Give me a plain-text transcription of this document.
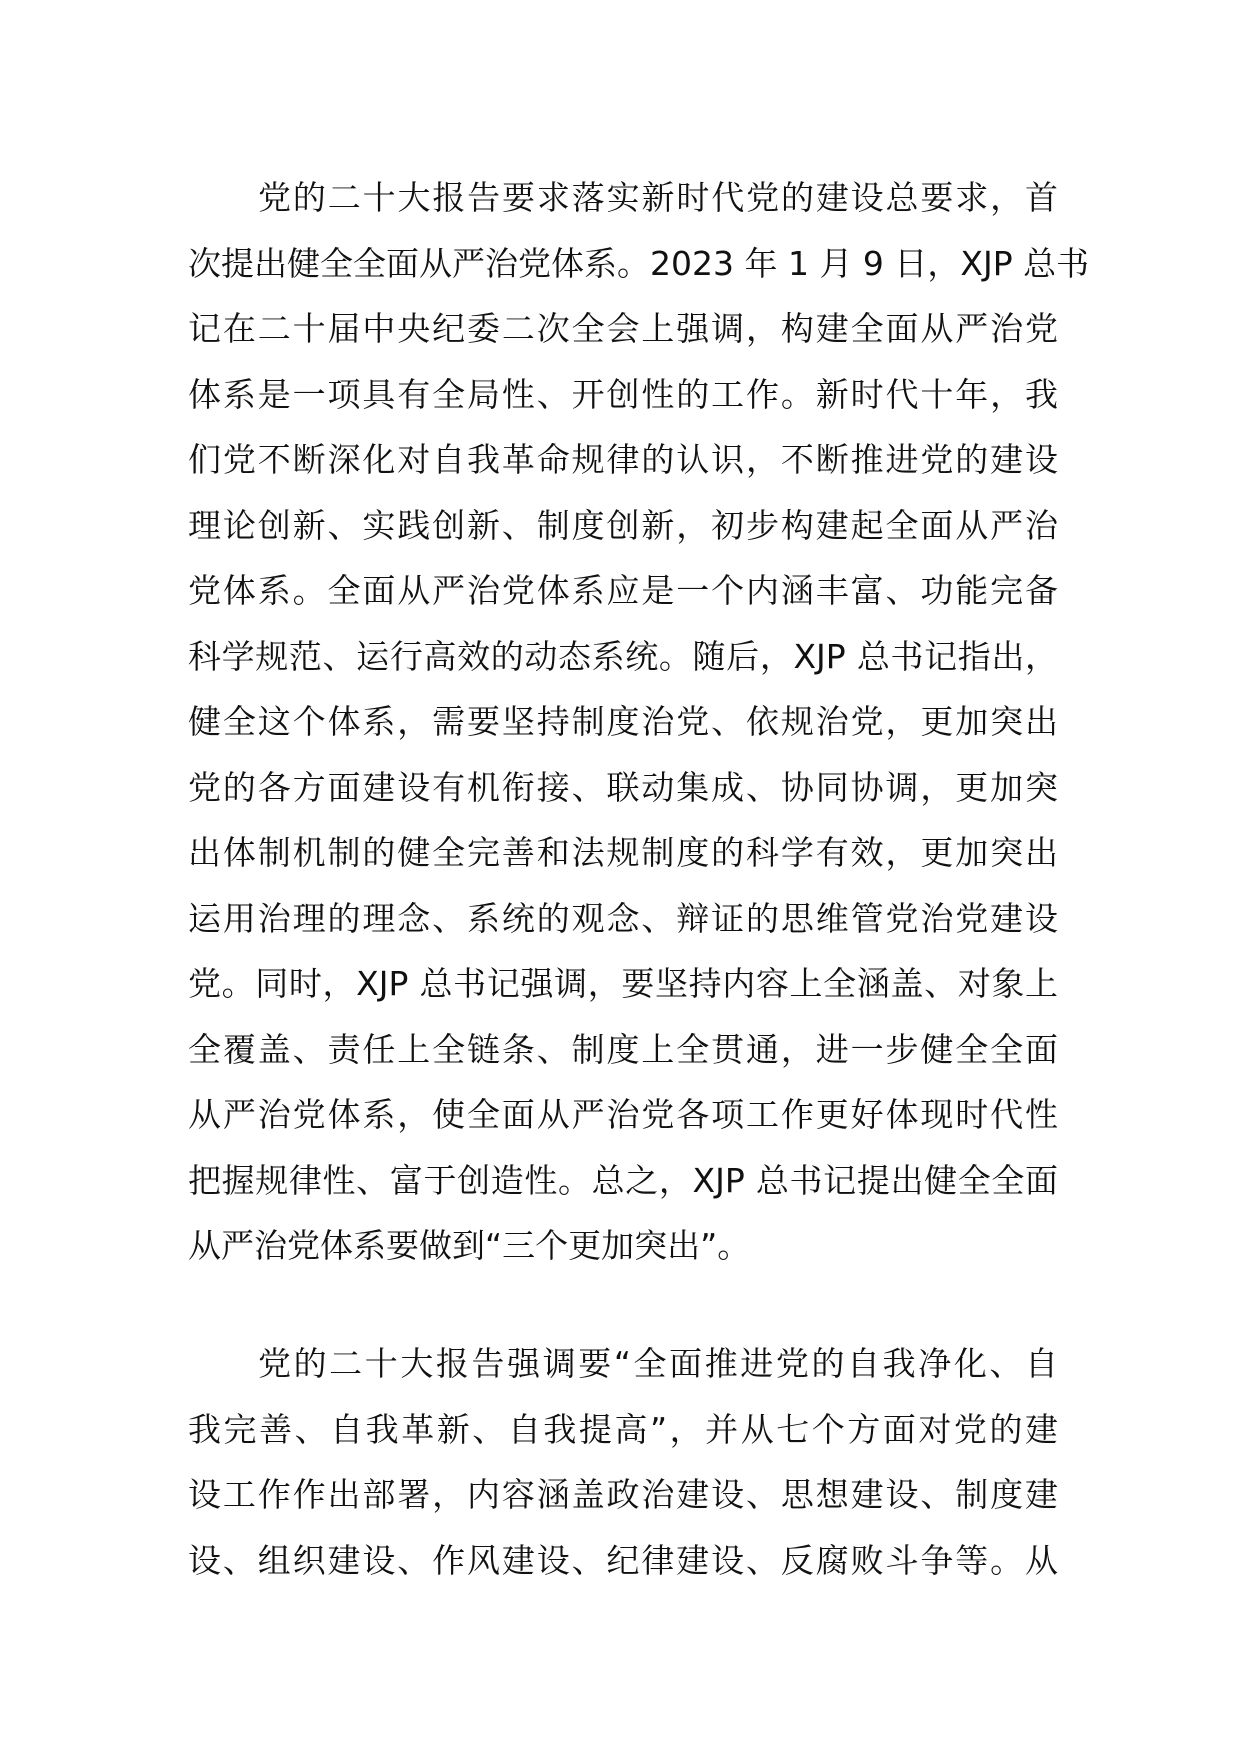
党的二十大报告要求落实新时代党的建设总要求，首
次提出健全全面从严治党体系。2023 年 1 月 9 日，XJP 总书
记在二十届中央纪委二次全会上强调，构建全面从严治党
体系是一项具有全局性、开创性的工作。新时代十年，我
们党不断深化对自我革命规律的认识，不断推进党的建设
理论创新、实践创新、制度创新，初步构建起全面从严治
党体系。全面从严治党体系应是一个内涵丰富、功能完备
科学规范、运行高效的动态系统。随后，XJP 总书记指出，
健全这个体系，需要坚持制度治党、依规治党，更加突出
党的各方面建设有机衔接、联动集成、协同协调，更加突
出体制机制的健全完善和法规制度的科学有效，更加突出
运用治理的理念、系统的观念、辩证的思维管党治党建设
党。同时，XJP 总书记强调，要坚持内容上全涵盖、对象上
全覆盖、责任上全链条、制度上全贯通，进一步健全全面
从严治党体系，使全面从严治党各项工作更好体现时代性
把握规律性、富于创造性。总之，XJP 总书记提出健全全面
从严治党体系要做到“三个更加突出”。
党的二十大报告强调要“全面推进党的自我净化、自
我完善、自我革新、自我提高”，并从七个方面对党的建
设工作作出部署，内容涵盖政治建设、思想建设、制度建
设、组织建设、作风建设、纪律建设、反腐败斗争等。从
